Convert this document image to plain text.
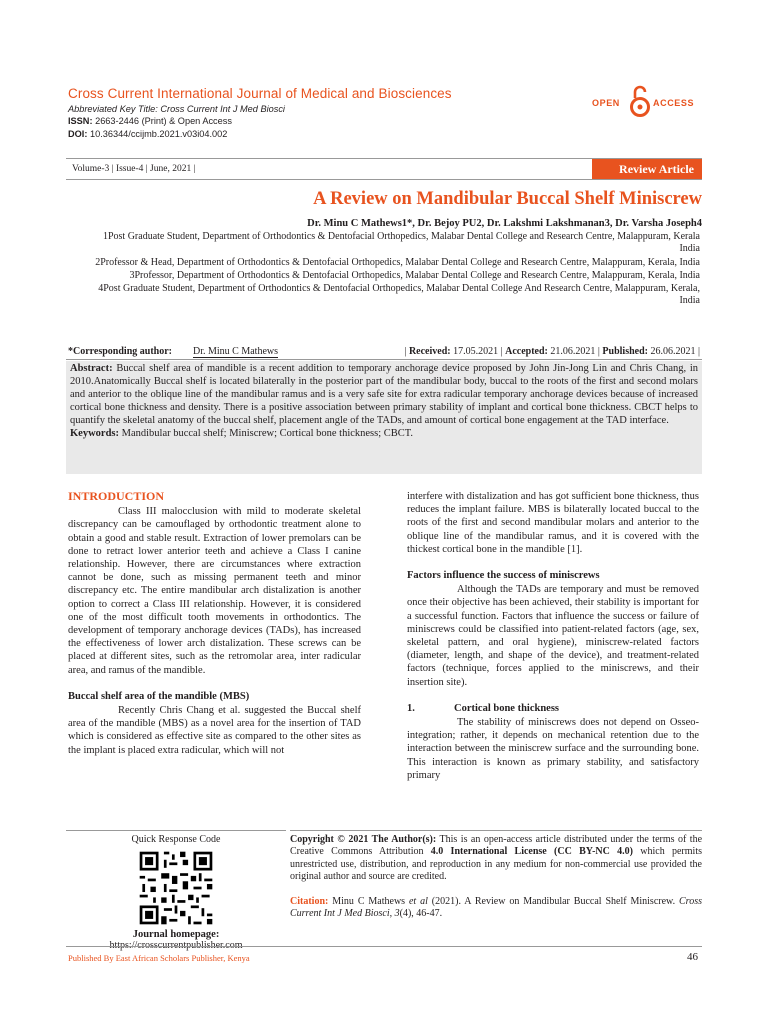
Cross Current International Journal of Medical and Biosciences
Abbreviated Key Title: Cross Current Int J Med Biosci
ISSN: 2663-2446 (Print) & Open Access
DOI: 10.36344/ccijmb.2021.v03i04.002
OPEN	ACCESS
Volume-3 | Issue-4 | June, 2021 |	Review Article
A Review on Mandibular Buccal Shelf Miniscrew
Dr. Minu C Mathews1*, Dr. Bejoy PU2, Dr. Lakshmi Lakshmanan3, Dr. Varsha Joseph4
1Post Graduate Student, Department of Orthodontics & Dentofacial Orthopedics, Malabar Dental College and Research Centre, Malappuram, Kerala India
2Professor & Head, Department of Orthodontics & Dentofacial Orthopedics, Malabar Dental College and Research Centre, Malappuram, Kerala, India
3Professor, Department of Orthodontics & Dentofacial Orthopedics, Malabar Dental College and Research Centre, Malappuram, Kerala, India
4Post Graduate Student, Department of Orthodontics & Dentofacial Orthopedics, Malabar Dental College And Research Centre, Malappuram, Kerala, India
*Corresponding author: Dr. Minu C Mathews	| Received: 17.05.2021 | Accepted: 21.06.2021 | Published: 26.06.2021 |
Abstract: Buccal shelf area of mandible is a recent addition to temporary anchorage device proposed by John Jin-Jong Lin and Chris Chang, in 2010.Anatomically Buccal shelf is located bilaterally in the posterior part of the mandibular body, buccal to the roots of the first and second molars and anterior to the oblique line of the mandibular ramus and is a very safe site for extra radicular temporary anchorage devices because of increased cortical bone thickness and density. There is a positive association between primary stability of implant and cortical bone thickness. CBCT helps to quantify the skeletal anatomy of the buccal shelf, placement angle of the TADs, and amount of cortical bone engagement at the TAD interface.
Keywords: Mandibular buccal shelf; Miniscrew; Cortical bone thickness; CBCT.
INTRODUCTION
Class III malocclusion with mild to moderate skeletal discrepancy can be camouflaged by orthodontic treatment alone to obtain a good and stable result. Extraction of lower premolars can be done to retract lower anterior teeth and achieve a Class I canine relationship. However, there are circumstances where extraction cannot be done, such as missing permanent teeth and minor discrepancy etc. The entire mandibular arch distalization is another option to correct a Class III relationship. However, it is considered one of the most difficult tooth movements in orthodontics. The development of temporary anchorage devices (TADs), has increased the effectiveness of lower arch distalization. These screws can be placed at different sites, such as the retromolar area, inter radicular area, and ramus of the mandible.
Buccal shelf area of the mandible (MBS)
Recently Chris Chang et al. suggested the Buccal shelf area of the mandible (MBS) as a novel area for the insertion of TAD which is considered as effective site as compared to the other sites as the implant is placed extra radicular, which will not
interfere with distalization and has got sufficient bone thickness, thus reduces the implant failure. MBS is bilaterally located buccal to the roots of the first and second mandibular molars and anterior to the oblique line of the mandibular ramus, and it is covered with the thickest cortical bone in the mandible [1].
Factors influence the success of miniscrews
Although the TADs are temporary and must be removed once their objective has been achieved, their stability is important for a successful function. Factors that influence the success or failure of miniscrews could be classified into patient-related factors (age, sex, skeletal pattern, and oral hygiene), miniscrew-related factors (diameter, length, and shape of the device), and treatment-related factors (technique, forces applied to the miniscrews, and their insertion site).
1.	Cortical bone thickness
The stability of miniscrews does not depend on Osseo-integration; rather, it depends on mechanical retention due to the interaction between the miniscrew surface and the surrounding bone. This interaction is known as primary stability, and satisfactory primary
Quick Response Code
Journal homepage:
https://crosscurrentpublisher.com
Copyright © 2021 The Author(s): This is an open-access article distributed under the terms of the Creative Commons Attribution 4.0 International License (CC BY-NC 4.0) which permits unrestricted use, distribution, and reproduction in any medium for non-commercial use provided the original author and source are credited.
Citation: Minu C Mathews et al (2021). A Review on Mandibular Buccal Shelf Miniscrew. Cross Current Int J Med Biosci, 3(4), 46-47.
Published By East African Scholars Publisher, Kenya	46
